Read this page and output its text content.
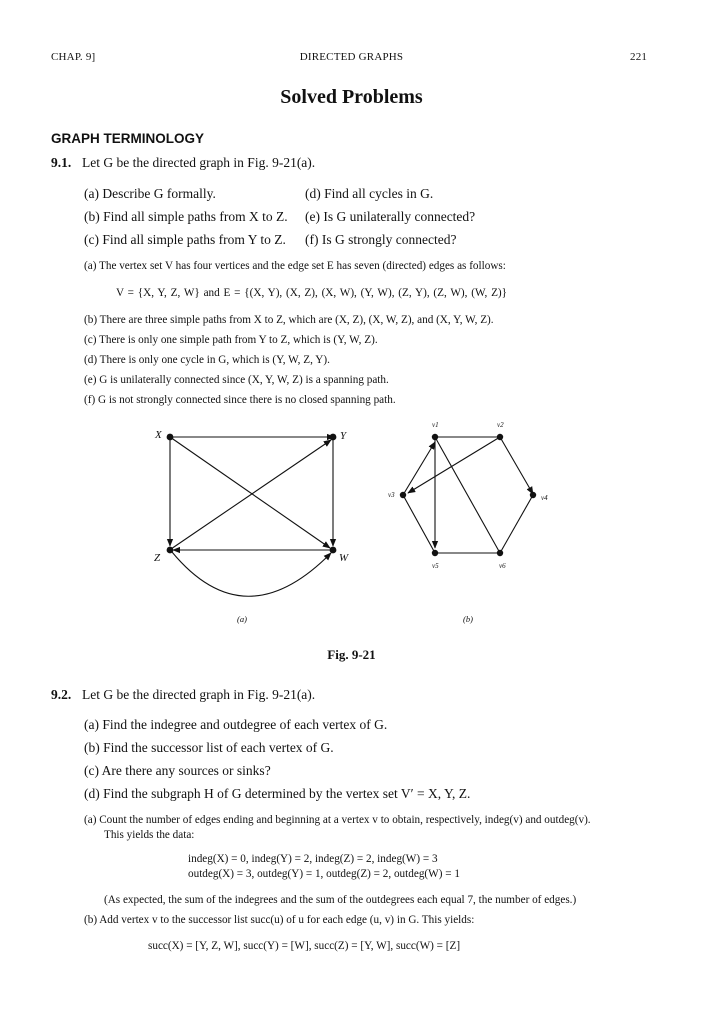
CHAP. 9]	DIRECTED GRAPHS	221
Solved Problems
GRAPH TERMINOLOGY
9.1. Let G be the directed graph in Fig. 9-21(a).
(a) Describe G formally.
(b) Find all simple paths from X to Z.
(c) Find all simple paths from Y to Z.
(d) Find all cycles in G.
(e) Is G unilaterally connected?
(f) Is G strongly connected?
(a) The vertex set V has four vertices and the edge set E has seven (directed) edges as follows:
V = {X, Y, Z, W} and E = {(X, Y), (X, Z), (X, W), (Y, W), (Z, Y), (Z, W), (W, Z)}
(b) There are three simple paths from X to Z, which are (X, Z), (X, W, Z), and (X, Y, W, Z).
(c) There is only one simple path from Y to Z, which is (Y, W, Z).
(d) There is only one cycle in G, which is (Y, W, Z, Y).
(e) G is unilaterally connected since (X, Y, W, Z) is a spanning path.
(f) G is not strongly connected since there is no closed spanning path.
X	Y
Z	W
(a)
v1	v2
v3	v4
v5	v6
(b)
Fig. 9-21
9.2. Let G be the directed graph in Fig. 9-21(a).
(a) Find the indegree and outdegree of each vertex of G.
(b) Find the successor list of each vertex of G.
(c) Are there any sources or sinks?
(d) Find the subgraph H of G determined by the vertex set V′ = X, Y, Z.
(a) Count the number of edges ending and beginning at a vertex v to obtain, respectively, indeg(v) and outdeg(v).
This yields the data:
indeg(X) = 0, indeg(Y) = 2, indeg(Z) = 2, indeg(W) = 3
outdeg(X) = 3, outdeg(Y) = 1, outdeg(Z) = 2, outdeg(W) = 1
(As expected, the sum of the indegrees and the sum of the outdegrees each equal 7, the number of edges.)
(b) Add vertex v to the successor list succ(u) of u for each edge (u, v) in G. This yields:
succ(X) = [Y, Z, W], succ(Y) = [W], succ(Z) = [Y, W], succ(W) = [Z]
